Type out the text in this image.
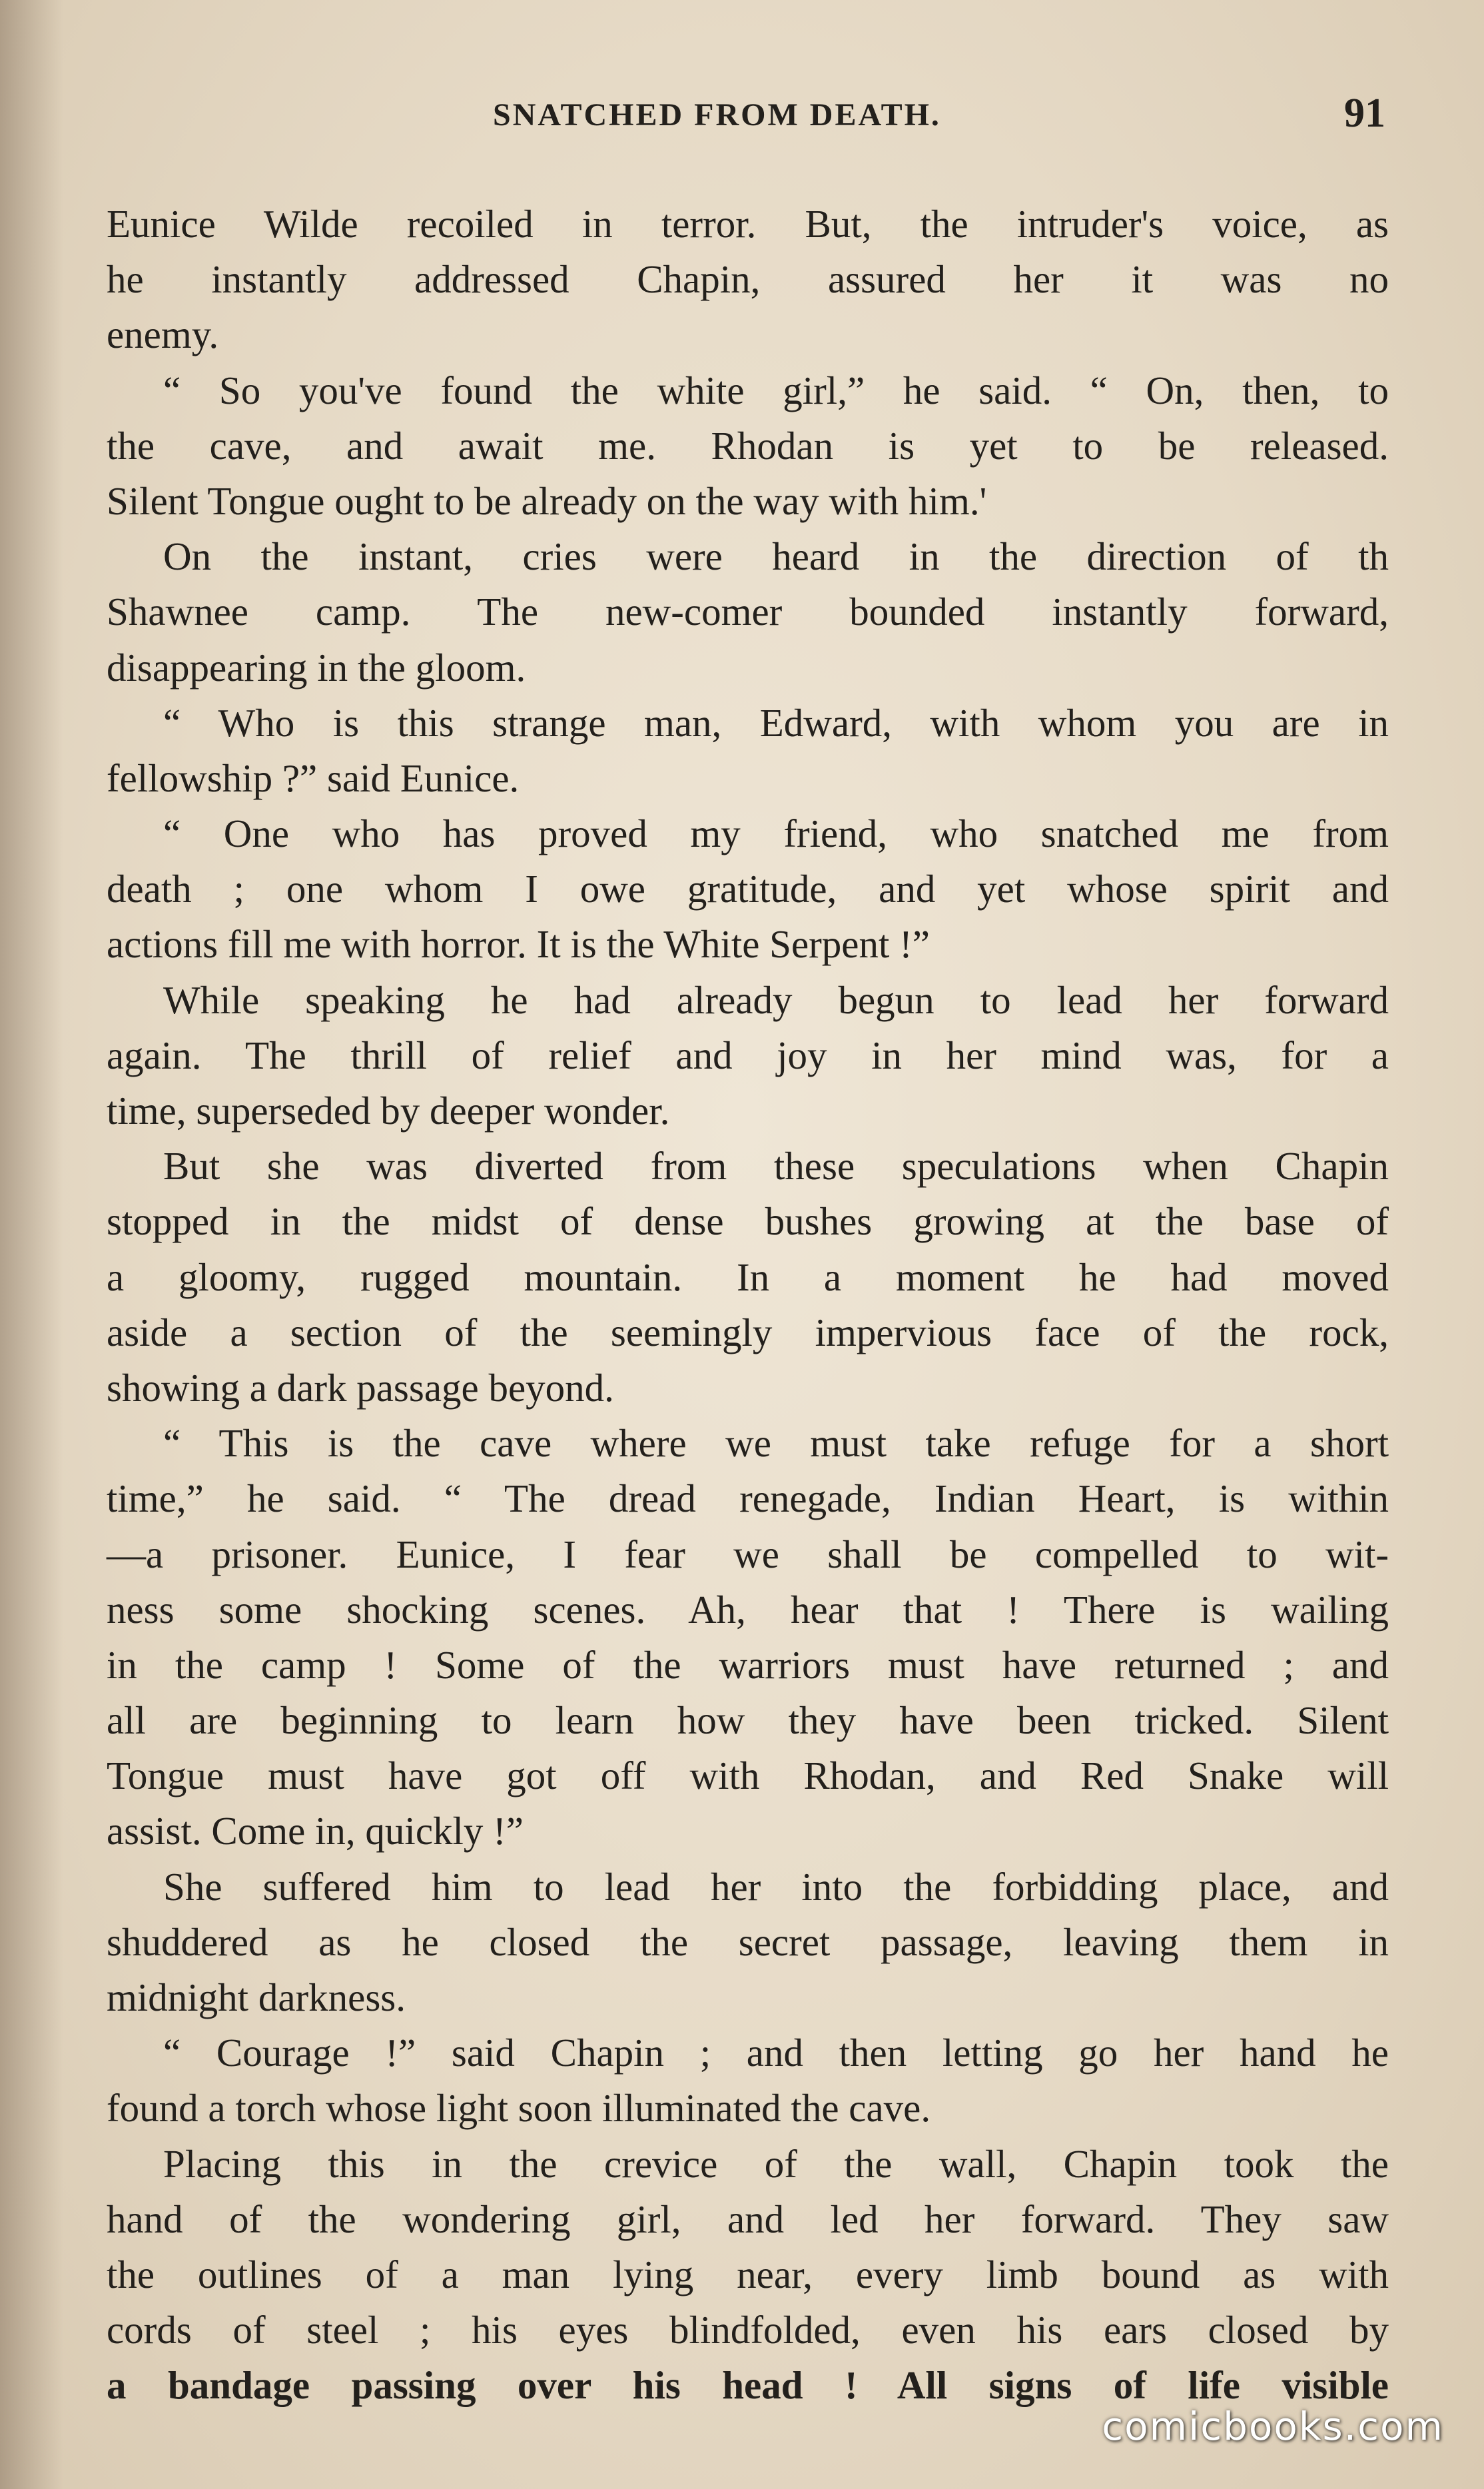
SNATCHED FROM DEATH.	91
Eunice Wilde recoiled in terror. But, the intruder's voice, as
he instantly addressed Chapin, assured her it was no
enemy.
“ So you've found the white girl,” he said. “ On, then, to
the cave, and await me. Rhodan is yet to be released.
Silent Tongue ought to be already on the way with him.'
On the instant, cries were heard in the direction of th
Shawnee camp. The new-comer bounded instantly forward,
disappearing in the gloom.
“ Who is this strange man, Edward, with whom you are in
fellowship ?” said Eunice.
“ One who has proved my friend, who snatched me from
death ; one whom I owe gratitude, and yet whose spirit and
actions fill me with horror. It is the White Serpent !”
While speaking he had already begun to lead her forward
again. The thrill of relief and joy in her mind was, for a
time, superseded by deeper wonder.
But she was diverted from these speculations when Chapin
stopped in the midst of dense bushes growing at the base of
a gloomy, rugged mountain. In a moment he had moved
aside a section of the seemingly impervious face of the rock,
showing a dark passage beyond.
“ This is the cave where we must take refuge for a short
time,” he said. “ The dread renegade, Indian Heart, is within
—a prisoner. Eunice, I fear we shall be compelled to wit-
ness some shocking scenes. Ah, hear that ! There is wailing
in the camp ! Some of the warriors must have returned ; and
all are beginning to learn how they have been tricked. Silent
Tongue must have got off with Rhodan, and Red Snake will
assist. Come in, quickly !”
She suffered him to lead her into the forbidding place, and
shuddered as he closed the secret passage, leaving them in
midnight darkness.
“ Courage !” said Chapin ; and then letting go her hand he
found a torch whose light soon illuminated the cave.
Placing this in the crevice of the wall, Chapin took the
hand of the wondering girl, and led her forward. They saw
the outlines of a man lying near, every limb bound as with
cords of steel ; his eyes blindfolded, even his ears closed by
a bandage passing over his head ! All signs of life visible
comicbooks.com
